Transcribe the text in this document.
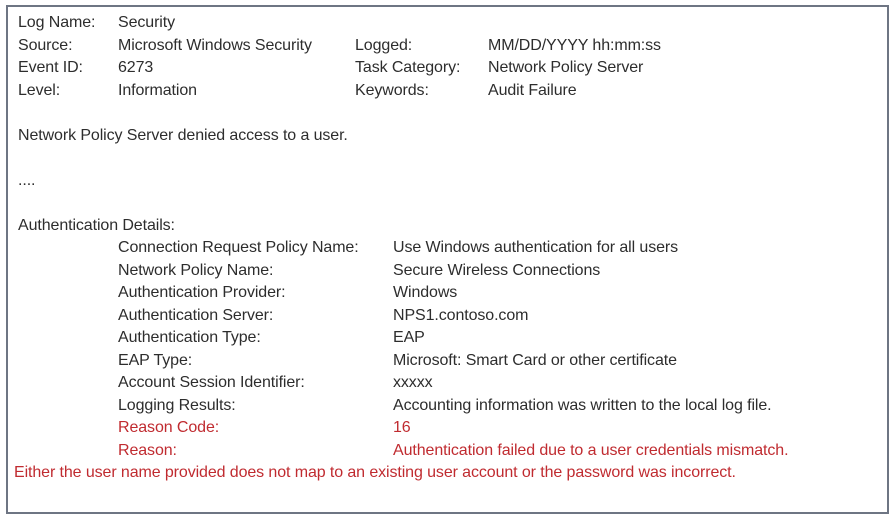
Log Name:	Security
Source:	Microsoft Windows Security	Logged:	MM/DD/YYYY hh:mm:ss
Event ID:	6273	Task Category:	Network Policy Server
Level:	Information	Keywords:	Audit Failure
Network Policy Server denied access to a user.
....
Authentication Details:
Connection Request Policy Name:	Use Windows authentication for all users
Network Policy Name:	Secure Wireless Connections
Authentication Provider:	Windows
Authentication Server:	NPS1.contoso.com
Authentication Type:	EAP
EAP Type:	Microsoft: Smart Card or other certificate
Account Session Identifier:	xxxxx
Logging Results:	Accounting information was written to the local log file.
Reason Code:	16
Reason:	Authentication failed due to a user credentials mismatch.
Either the user name provided does not map to an existing user account or the password was incorrect.
